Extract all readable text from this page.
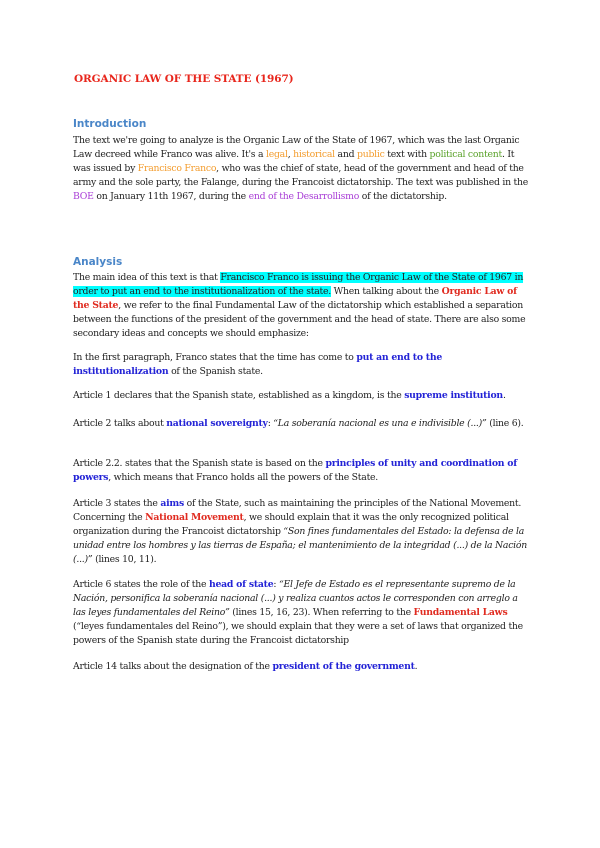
ORGANIC LAW OF THE STATE (1967)
Introduction

The text we're going to analyze is the Organic Law of the State of 1967, which was the last Organic Law decreed while Franco was alive. It's a legal, historical and public text with political content. It was issued by Francisco Franco, who was the chief of state, head of the government and head of the army and the sole party, the Falange, during the Francoist dictatorship. The text was published in the BOE on January 11th 1967, during the end of the Desarrollismo of the dictatorship.

Analysis

The main idea of this text is that Francisco Franco is issuing the Organic Law of the State of 1967 in order to put an end to the institutionalization of the state. When talking about the Organic Law of the State, we refer to the final Fundamental Law of the dictatorship which established a separation between the functions of the president of the government and the head of state. There are also some secondary ideas and concepts we should emphasize:

In the first paragraph, Franco states that the time has come to put an end to the institutionalization of the Spanish state.

Article 1 declares that the Spanish state, established as a kingdom, is the supreme institution.

Article 2 talks about national sovereignty: “La soberanía nacional es una e indivisible (...)” (line 6).

Article 2.2. states that the Spanish state is based on the principles of unity and coordination of powers, which means that Franco holds all the powers of the State.

Article 3 states the aims of the State, such as maintaining the principles of the National Movement. Concerning the National Movement, we should explain that it was the only recognized political organization during the Francoist dictatorship “Son fines fundamentales del Estado: la defensa de la unidad entre los hombres y las tierras de España; el mantenimiento de la integridad (...) de la Nación (...)” (lines 10, 11).

Article 6 states the role of the head of state: “El Jefe de Estado es el representante supremo de la Nación, personifica la soberanía nacional (...) y realiza cuantos actos le corresponden con arreglo a las leyes fundamentales del Reino” (lines 15, 16, 23). When referring to the Fundamental Laws (“leyes fundamentales del Reino”), we should explain that they were a set of laws that organized the powers of the Spanish state during the Francoist dictatorship

Article 14 talks about the designation of the president of the government.
